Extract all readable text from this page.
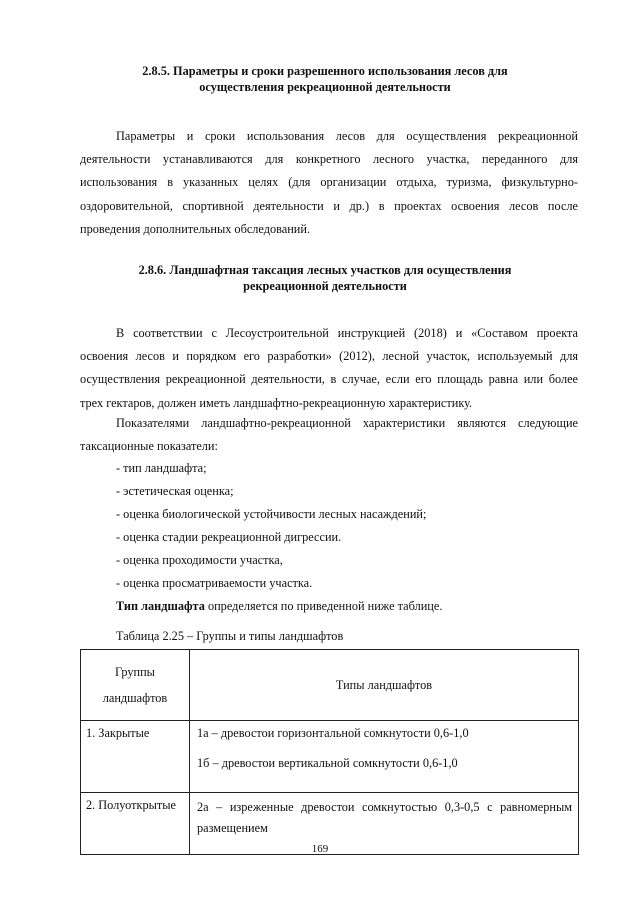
2.8.5. Параметры и сроки разрешенного использования лесов для
осуществления рекреационной деятельности

Параметры и сроки использования лесов для осуществления рекреационной деятельности устанавливаются для конкретного лесного участка, переданного для использования в указанных целях (для организации отдыха, туризма, физкультурно-оздоровительной, спортивной деятельности и др.) в проектах освоения лесов после проведения дополнительных обследований.

2.8.6. Ландшафтная таксация лесных участков для осуществления
рекреационной деятельности

В соответствии с Лесоустроительной инструкцией (2018) и «Составом проекта освоения лесов и порядком его разработки» (2012), лесной участок, используемый для осуществления рекреационной деятельности, в случае, если его площадь равна или более трех гектаров, должен иметь ландшафтно-рекреационную характеристику.

Показателями ландшафтно-рекреационной характеристики являются следующие таксационные показатели:

- тип ландшафта;
- эстетическая оценка;
- оценка биологической устойчивости лесных насаждений;
- оценка стадии рекреационной дигрессии.
- оценка проходимости участка,
- оценка просматриваемости участка.
Тип ландшафта определяется по приведенной ниже таблице.
Таблица 2.25 – Группы и типы ландшафтов
Группы
ландшафтов	Типы ландшафтов
1. Закрытые	1а – древостои горизонтальной сомкнутости 0,6-1,0

1б – древостои вертикальной сомкнутости 0,6-1,0

2. Полуоткрытые	2а – изреженные древостои сомкнутостью 0,3-0,5 с равномерным размещением

169
